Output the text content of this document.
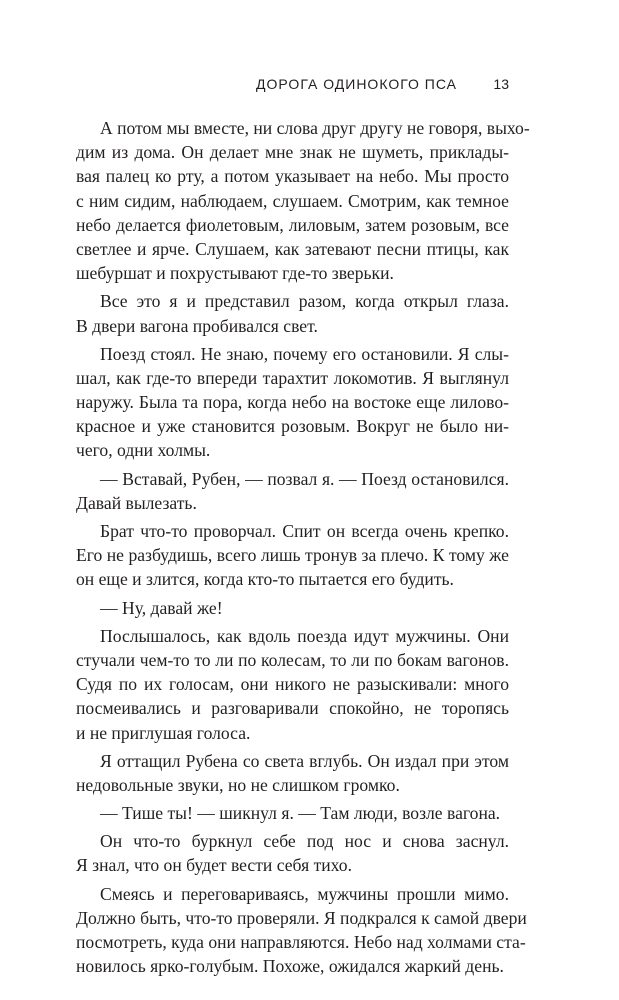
ДОРОГА ОДИНОКОГО ПСА	13

А потом мы вместе, ни слова друг другу не говоря, выхо-
дим из дома. Он делает мне знак не шуметь, приклады-
вая палец ко рту, а потом указывает на небо. Мы просто
с ним сидим, наблюдаем, слушаем. Смотрим, как темное
небо делается фиолетовым, лиловым, затем розовым, все
светлее и ярче. Слушаем, как затевают песни птицы, как
шебуршат и похрустывают где-то зверьки.

Все это я и представил разом, когда открыл глаза.
В двери вагона пробивался свет.

Поезд стоял. Не знаю, почему его остановили. Я слы-
шал, как где-то впереди тарахтит локомотив. Я выглянул
наружу. Была та пора, когда небо на востоке еще лилово-
красное и уже становится розовым. Вокруг не было ни-
чего, одни холмы.

— Вставай, Рубен, — позвал я. — Поезд остановился.
Давай вылезать.

Брат что-то проворчал. Спит он всегда очень крепко.
Его не разбудишь, всего лишь тронув за плечо. К тому же
он еще и злится, когда кто-то пытается его будить.

— Ну, давай же!

Послышалось, как вдоль поезда идут мужчины. Они
стучали чем-то то ли по колесам, то ли по бокам вагонов.
Судя по их голосам, они никого не разыскивали: много
посмеивались и разговаривали спокойно, не торопясь
и не приглушая голоса.

Я оттащил Рубена со света вглубь. Он издал при этом
недовольные звуки, но не слишком громко.

— Тише ты! — шикнул я. — Там люди, возле вагона.

Он что-то буркнул себе под нос и снова заснул.
Я знал, что он будет вести себя тихо.

Смеясь и переговариваясь, мужчины прошли мимо.
Должно быть, что-то проверяли. Я подкрался к самой двери
посмотреть, куда они направляются. Небо над холмами ста-
новилось ярко-голубым. Похоже, ожидался жаркий день.
